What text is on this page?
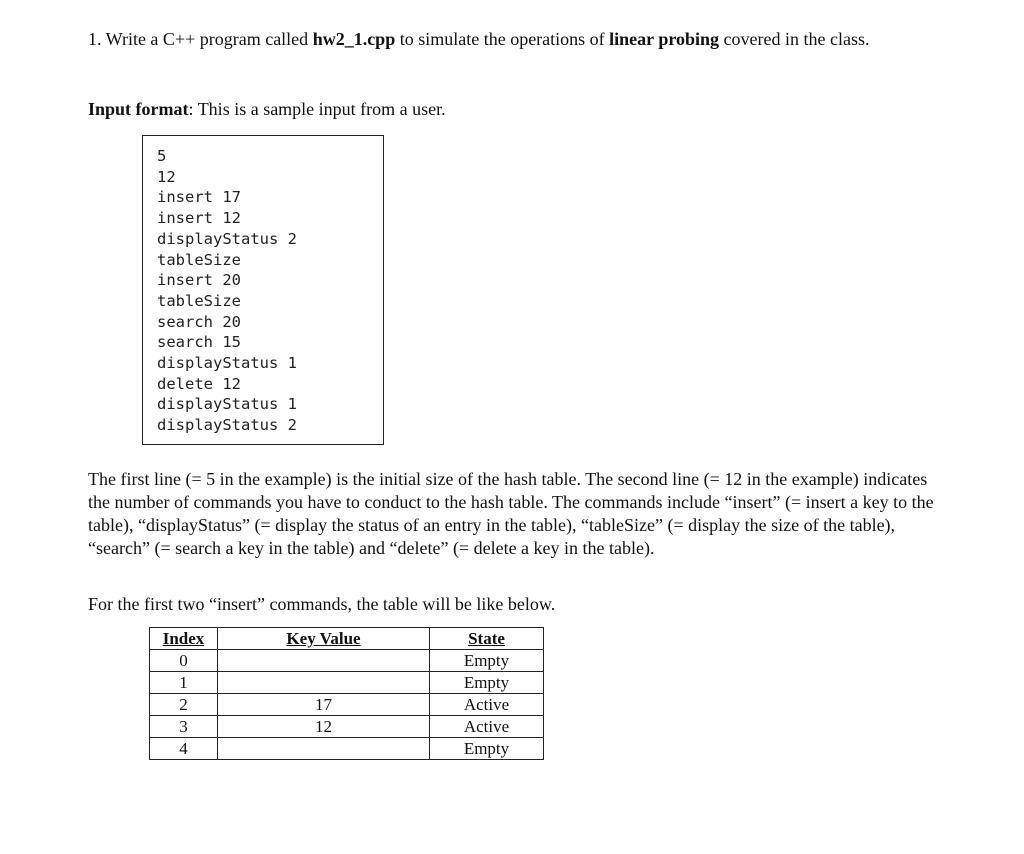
1. Write a C++ program called hw2_1.cpp to simulate the operations of linear probing covered in the class.
Input format: This is a sample input from a user.
5
12
insert 17
insert 12
displayStatus 2
tableSize
insert 20
tableSize
search 20
search 15
displayStatus 1
delete 12
displayStatus 1
displayStatus 2
The first line (= 5 in the example) is the initial size of the hash table. The second line (= 12 in the example) indicates the number of commands you have to conduct to the hash table. The commands include “insert” (= insert a key to the table), “displayStatus” (= display the status of an entry in the table), “tableSize” (= display the size of the table), “search” (= search a key in the table) and “delete” (= delete a key in the table).
For the first two “insert” commands, the table will be like below.
Index	Key Value	State
0		Empty
1		Empty
2	17	Active
3	12	Active
4		Empty
